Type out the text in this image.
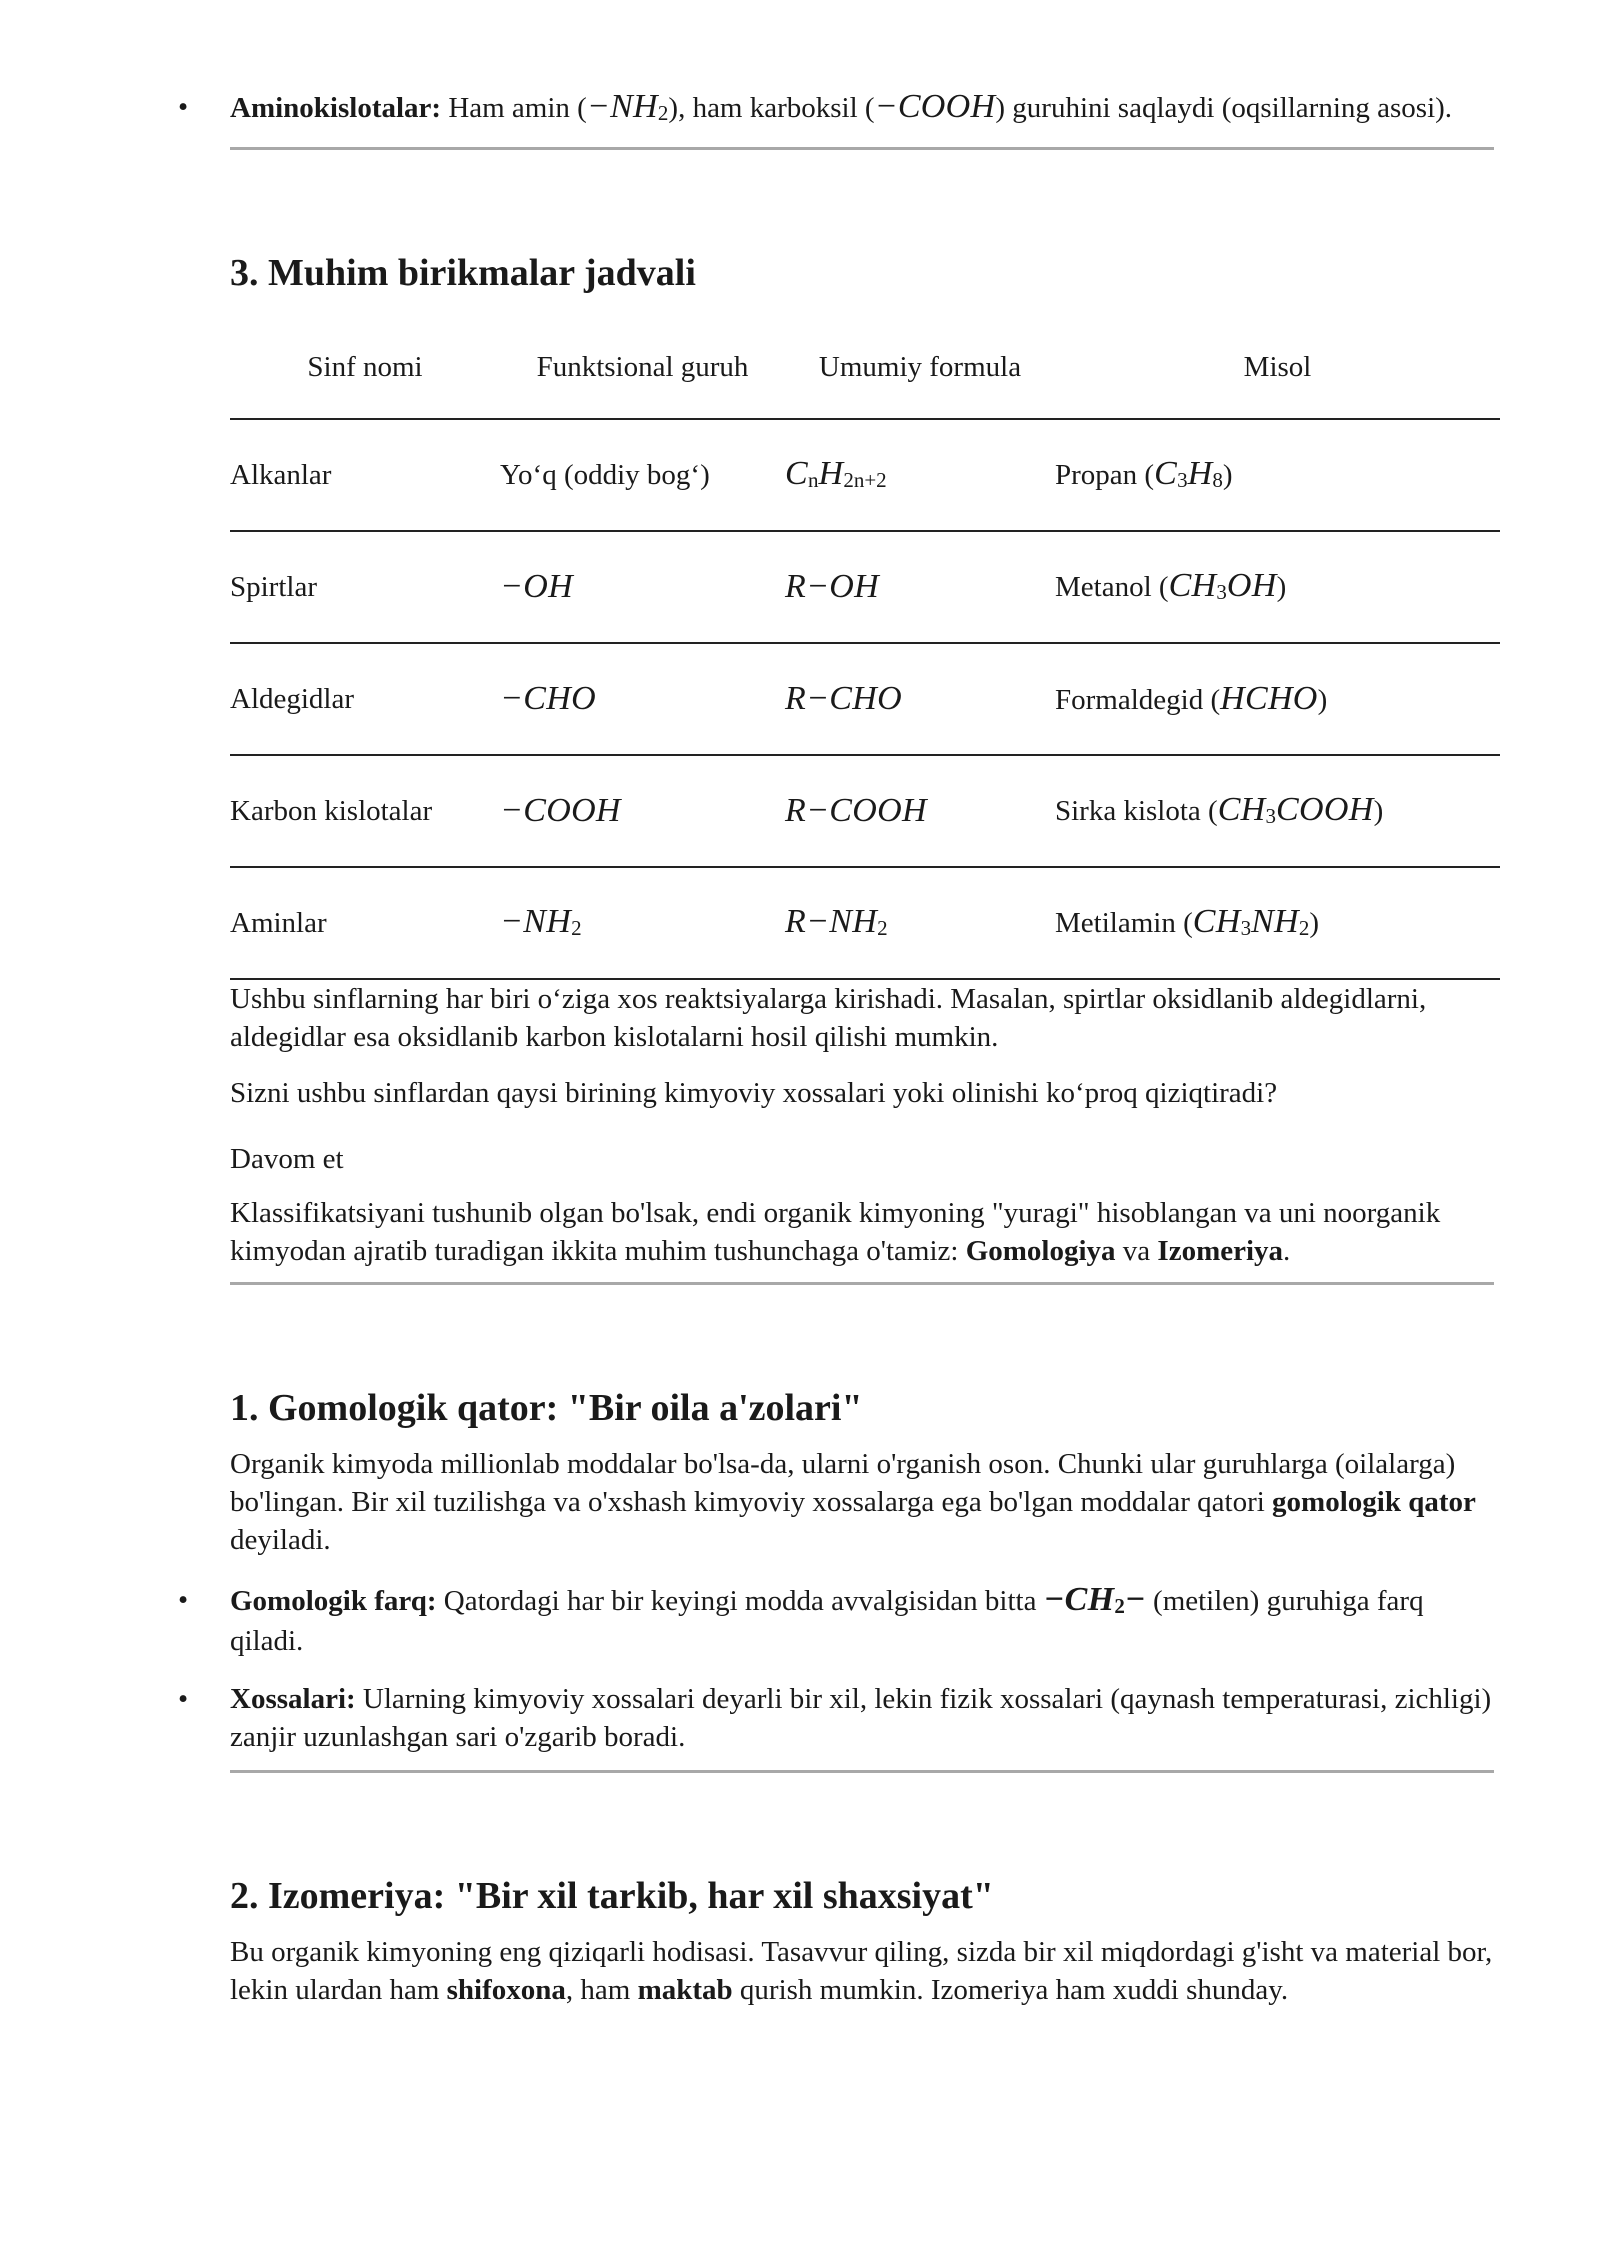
• Aminokislotalar: Ham amin $(-NH_2)$, ham karboksil (−COOH) guruhini saqlaydi (oqsillarning asosi).
3. Muhim birikmalar jadvali
Sinf nomi	Funktsional guruh	Umumiy formula	Misol
Alkanlar	Yo‘q (oddiy bog‘)	$C_nH_{2n+2}$	Propan $(C_3H_8)$
Spirtlar	−OH	R−OH	Metanol $(CH_3OH)$
Aldegidlar	−CHO	R−CHO	Formaldegid (HCHO)
Karbon kislotalar	−COOH	R−COOH	Sirka kislota $(CH_3COOH)$
Aminlar	$-NH_2$	$R-NH_2$	Metilamin $(CH_3NH_2)$

Ushbu sinflarning har biri o‘ziga xos reaktsiyalarga kirishadi. Masalan, spirtlar oksidlanib aldegidlarni, aldegidlar esa oksidlanib karbon kislotalarni hosil qilishi mumkin.

Sizni ushbu sinflardan qaysi birining kimyoviy xossalari yoki olinishi ko‘proq qiziqtiradi?

Davom et

Klassifikatsiyani tushunib olgan bo'lsak, endi organik kimyoning "yuragi" hisoblangan va uni noorganik kimyodan ajratib turadigan ikkita muhim tushunchaga o'tamiz: Gomologiya va Izomeriya.

1. Gomologik qator: "Bir oila a'zolari"

Organik kimyoda millionlab moddalar bo'lsa-da, ularni o'rganish oson. Chunki ular guruhlarga (oilalarga) bo'lingan. Bir xil tuzilishga va o'xshash kimyoviy xossalarga ega bo'lgan moddalar qatori gomologik qator deyiladi.

• Gomologik farq: Qatordagi har bir keyingi modda avvalgisidan bitta $-CH_2-$ (metilen) guruhiga farq qiladi.
• Xossalari: Ularning kimyoviy xossalari deyarli bir xil, lekin fizik xossalari (qaynash temperaturasi, zichligi) zanjir uzunlashgan sari o'zgarib boradi.
2. Izomeriya: "Bir xil tarkib, har xil shaxsiyat"

Bu organik kimyoning eng qiziqarli hodisasi. Tasavvur qiling, sizda bir xil miqdordagi g'isht va material bor, lekin ulardan ham shifoxona, ham maktab qurish mumkin. Izomeriya ham xuddi shunday.
